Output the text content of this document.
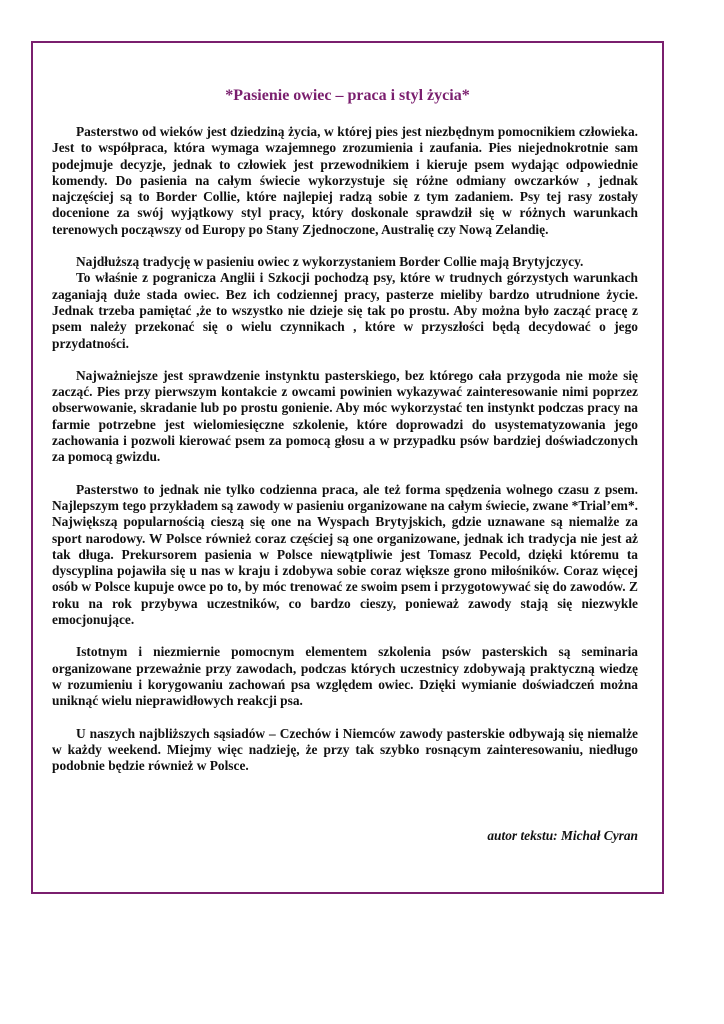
*Pasienie owiec – praca i styl życia*

Pasterstwo od wieków jest dziedziną życia, w której pies jest niezbędnym pomocnikiem człowieka. Jest to współpraca, która wymaga wzajemnego zrozumienia i zaufania. Pies niejednokrotnie sam podejmuje decyzje, jednak to człowiek jest przewodnikiem i kieruje psem wydając odpowiednie komendy. Do pasienia na całym świecie wykorzystuje się różne odmiany owczarków , jednak najczęściej są to Border Collie, które najlepiej radzą sobie z tym zadaniem. Psy tej rasy zostały docenione za swój wyjątkowy styl pracy, który doskonale sprawdził się w różnych warunkach terenowych począwszy od Europy po Stany Zjednoczone, Australię czy Nową Zelandię.

Najdłuższą tradycję w pasieniu owiec z wykorzystaniem Border Collie mają Brytyjczycy.

To właśnie z pogranicza Anglii i Szkocji pochodzą psy, które w trudnych górzystych warunkach zaganiają duże stada owiec. Bez ich codziennej pracy, pasterze mieliby bardzo utrudnione życie. Jednak trzeba pamiętać ,że to wszystko nie dzieje się tak po prostu. Aby można było zacząć pracę z psem należy przekonać się o wielu czynnikach , które w przyszłości będą decydować o jego przydatności.

Najważniejsze jest sprawdzenie instynktu pasterskiego, bez którego cała przygoda nie może się zacząć. Pies przy pierwszym kontakcie z owcami powinien wykazywać zainteresowanie nimi poprzez obserwowanie, skradanie lub po prostu gonienie. Aby móc wykorzystać ten instynkt podczas pracy na farmie potrzebne jest wielomiesięczne szkolenie, które doprowadzi do usystematyzowania jego zachowania i pozwoli kierować psem za pomocą głosu a w przypadku psów bardziej doświadczonych za pomocą gwizdu.

Pasterstwo to jednak nie tylko codzienna praca, ale też forma spędzenia wolnego czasu z psem. Najlepszym tego przykładem są zawody w pasieniu organizowane na całym świecie, zwane *Trial’em*. Największą popularnością cieszą się one na Wyspach Brytyjskich, gdzie uznawane są niemalże za sport narodowy. W Polsce również coraz częściej są one organizowane, jednak ich tradycja nie jest aż tak długa. Prekursorem pasienia w Polsce niewątpliwie jest Tomasz Pecold, dzięki któremu ta dyscyplina pojawiła się u nas w kraju i zdobywa sobie coraz większe grono miłośników. Coraz więcej osób w Polsce kupuje owce po to, by móc trenować ze swoim psem i przygotowywać się do zawodów. Z roku na rok przybywa uczestników, co bardzo cieszy, ponieważ zawody stają się niezwykle emocjonujące.

Istotnym i niezmiernie pomocnym elementem szkolenia psów pasterskich są seminaria organizowane przeważnie przy zawodach, podczas których uczestnicy zdobywają praktyczną wiedzę w rozumieniu i korygowaniu zachowań psa względem owiec. Dzięki wymianie doświadczeń można uniknąć wielu nieprawidłowych reakcji psa.

U naszych najbliższych sąsiadów – Czechów i Niemców zawody pasterskie odbywają się niemalże w każdy weekend. Miejmy więc nadzieję, że przy tak szybko rosnącym zainteresowaniu, niedługo podobnie będzie również w Polsce.

autor tekstu: Michał Cyran
